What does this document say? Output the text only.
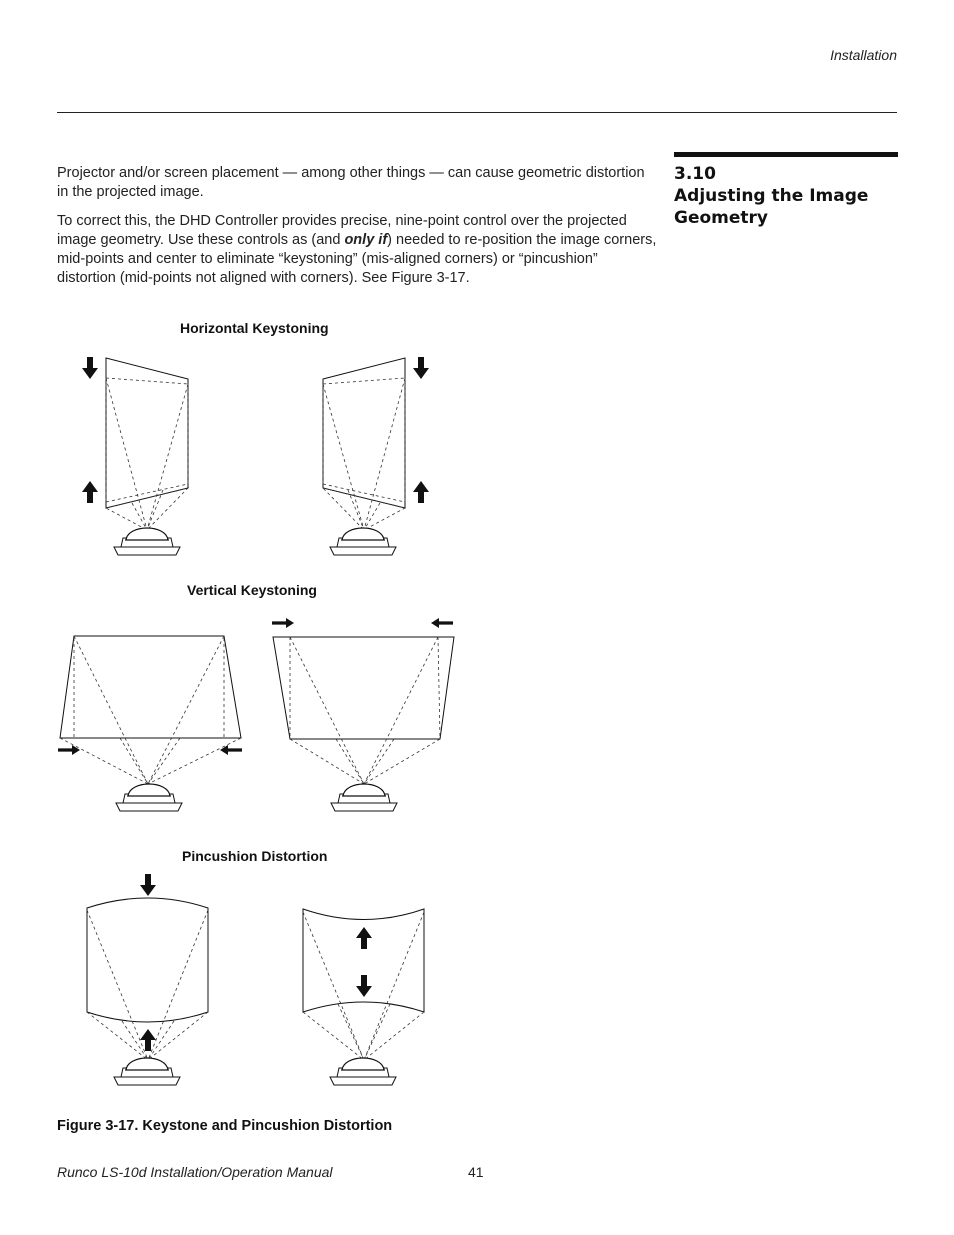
Installation
3.10
Adjusting the Image
Geometry
Projector and/or screen placement — among other things — can cause geometric distortion in the projected image.
To correct this, the DHD Controller provides precise, nine-point control over the projected image geometry. Use these controls as (and only if) needed to re-position the image corners, mid-points and center to eliminate “keystoning” (mis-aligned corners) or “pincushion” distortion (mid-points not aligned with corners). See Figure 3-17.
Horizontal Keystoning
Vertical Keystoning
Pincushion Distortion
Figure 3-17. Keystone and Pincushion Distortion
Runco LS-10d Installation/Operation Manual	41
